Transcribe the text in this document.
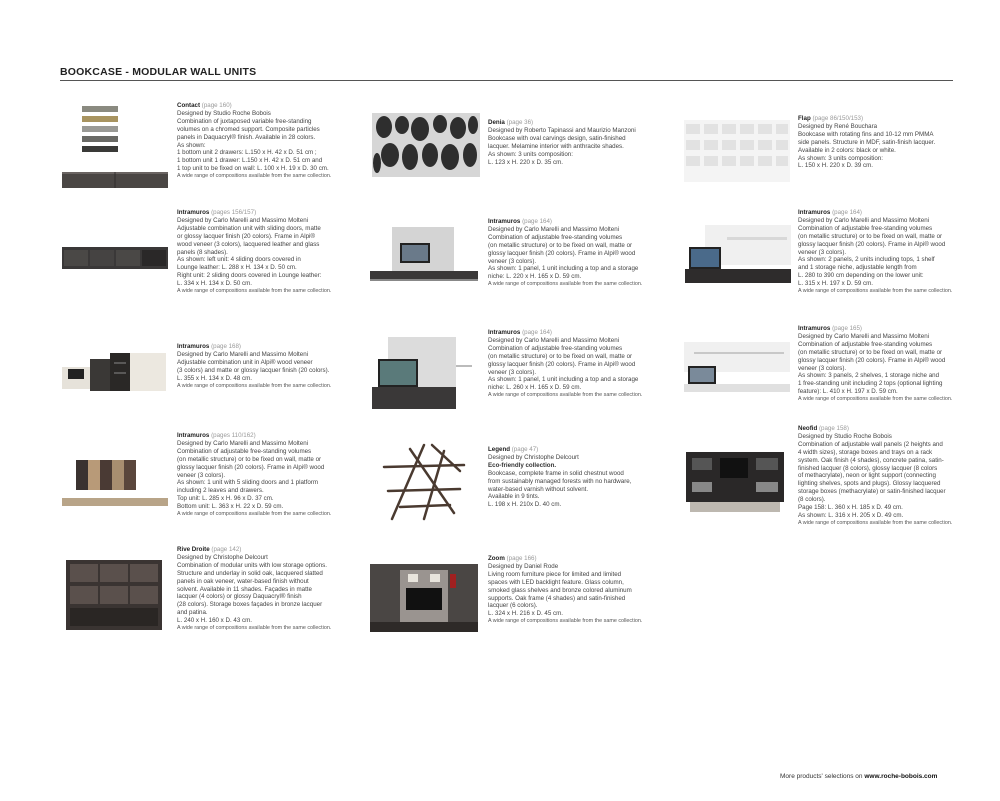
BOOKCASE - MODULAR WALL UNITS
Contact (page 160)
Designed by Studio Roche Bobois
Combination of juxtaposed variable free-standing
volumes on a chromed support. Composite particles
panels in Daquacryl® finish. Available in 28 colors.
As shown:
1 bottom unit 2 drawers: L.150 x H. 42 x D. 51 cm ;
1 bottom unit 1 drawer: L.150 x H. 42 x D. 51 cm and
1 top unit to be fixed on wall: L. 100 x H. 19 x D. 30 cm.
A wide range of compositions available from the same collection.
Denia (page 36)
Designed by Roberto Tapinassi and Maurizio Manzoni
Bookcase with oval carvings design, satin-finished
lacquer. Melamine interior with anthracite shades.
As shown: 3 units composition:
L. 123 x H. 220 x D. 35 cm.
Flap (page 86/150/153)
Designed by René Bouchara
Bookcase with rotating fins and 10-12 mm PMMA
side panels. Structure in MDF, satin-finish lacquer.
Available in 2 colors: black or white.
As shown: 3 units composition:
L. 150 x H. 220 x D. 39 cm.
Intramuros (pages 156/157)
Designed by Carlo Marelli and Massimo Molteni
Adjustable combination unit with sliding doors, matte
or glossy lacquer finish (20 colors). Frame in Alpi®
wood veneer (3 colors), lacquered leather and glass
panels (8 shades).
As shown: left unit: 4 sliding doors covered in
Lounge leather: L. 288 x H. 134 x D. 50 cm.
Right unit: 2 sliding doors covered in Lounge leather:
L. 334 x H. 134 x D. 50 cm.
A wide range of compositions available from the same collection.
Intramuros (page 164)
Designed by Carlo Marelli and Massimo Molteni
Combination of adjustable free-standing volumes
(on metallic structure) or to be fixed on wall, matte or
glossy lacquer finish (20 colors). Frame in Alpi® wood
veneer (3 colors).
As shown: 1 panel, 1 unit including a top and a storage
niche: L. 220 x H. 165 x D. 59 cm.
A wide range of compositions available from the same collection.
Intramuros (page 164)
Designed by Carlo Marelli and Massimo Molteni
Combination of adjustable free-standing volumes
(on metallic structure) or to be fixed on wall, matte or
glossy lacquer finish (20 colors). Frame in Alpi® wood
veneer (3 colors).
As shown: 2 panels, 2 units including tops, 1 shelf
and 1 storage niche, adjustable length from
L. 280 to 390 cm depending on the lower unit:
L. 315 x H. 197 x D. 59 cm.
A wide range of compositions available from the same collection.
Intramuros (page 168)
Designed by Carlo Marelli and Massimo Molteni
Adjustable combination unit in Alpi® wood veneer
(3 colors) and matte or glossy lacquer finish (20 colors).
L. 355 x H. 134 x D. 48 cm.
A wide range of compositions available from the same collection.
Intramuros (page 164)
Designed by Carlo Marelli and Massimo Molteni
Combination of adjustable free-standing volumes
(on metallic structure) or to be fixed on wall, matte or
glossy lacquer finish (20 colors). Frame in Alpi® wood
veneer (3 colors).
As shown: 1 panel, 1 unit including a top and a storage
niche: L. 260 x H. 165 x D. 59 cm.
A wide range of compositions available from the same collection.
Intramuros (page 165)
Designed by Carlo Marelli and Massimo Molteni
Combination of adjustable free-standing volumes
(on metallic structure) or to be fixed on wall, matte or
glossy lacquer finish (20 colors). Frame in Alpi® wood
veneer (3 colors).
As shown: 3 panels, 2 shelves, 1 storage niche and
1 free-standing unit including 2 tops (optional lighting
feature): L. 410 x H. 197 x D. 59 cm.
A wide range of compositions available from the same collection.
Intramuros (pages 110/162)
Designed by Carlo Marelli and Massimo Molteni
Combination of adjustable free-standing volumes
(on metallic structure) or to be fixed on wall, matte or
glossy lacquer finish (20 colors). Frame in Alpi® wood
veneer (3 colors).
As shown: 1 unit with 5 sliding doors and 1 platform
including 2 leaves and drawers.
Top unit: L. 285 x H. 96 x D. 37 cm.
Bottom unit: L. 363 x H. 22 x D. 59 cm.
A wide range of compositions available from the same collection.
Legend (page 47)
Designed by Christophe Delcourt
Eco-friendly collection.
Bookcase, complete frame in solid chestnut wood
from sustainably managed forests with no hardware,
water-based varnish without solvent.
Available in 9 tints.
L. 198 x H. 210x D. 40 cm.
Neofid (page 158)
Designed by Studio Roche Bobois
Combination of adjustable wall panels (2 heights and
4 width sizes), storage boxes and trays on a rack
system. Oak finish (4 shades), concrete patina, satin-
finished lacquer (8 colors), glossy lacquer (8 colors
of methacrylate), neon or light support (connecting
lighting shelves, spots and plugs). Glossy lacquered
storage boxes (methacrylate) or satin-finished lacquer
(8 colors).
Page 158: L. 360 x H. 185 x D. 49 cm.
As shown: L. 316 x H. 205 x D. 49 cm.
A wide range of compositions available from the same collection.
Rive Droite (page 142)
Designed by Christophe Delcourt
Combination of modular units with low storage options.
Structure and underlay in solid oak, lacquered slatted
panels in oak veneer, water-based finish without
solvent. Available in 11 shades. Façades in matte
lacquer (4 colors) or glossy Daquacryl® finish
(28 colors). Storage boxes façades in bronze lacquer
and patina.
L. 240 x H. 160 x D. 43 cm.
A wide range of compositions available from the same collection.
Zoom (page 166)
Designed by Daniel Rode
Living room furniture piece for limited and limited
spaces with LED backlight feature. Glass column,
smoked glass shelves and bronze colored aluminum
supports. Oak frame (4 shades) and satin-finished
lacquer (6 colors).
L. 324 x H. 216 x D. 45 cm.
A wide range of compositions available from the same collection.
More products' selections on www.roche-bobois.com
